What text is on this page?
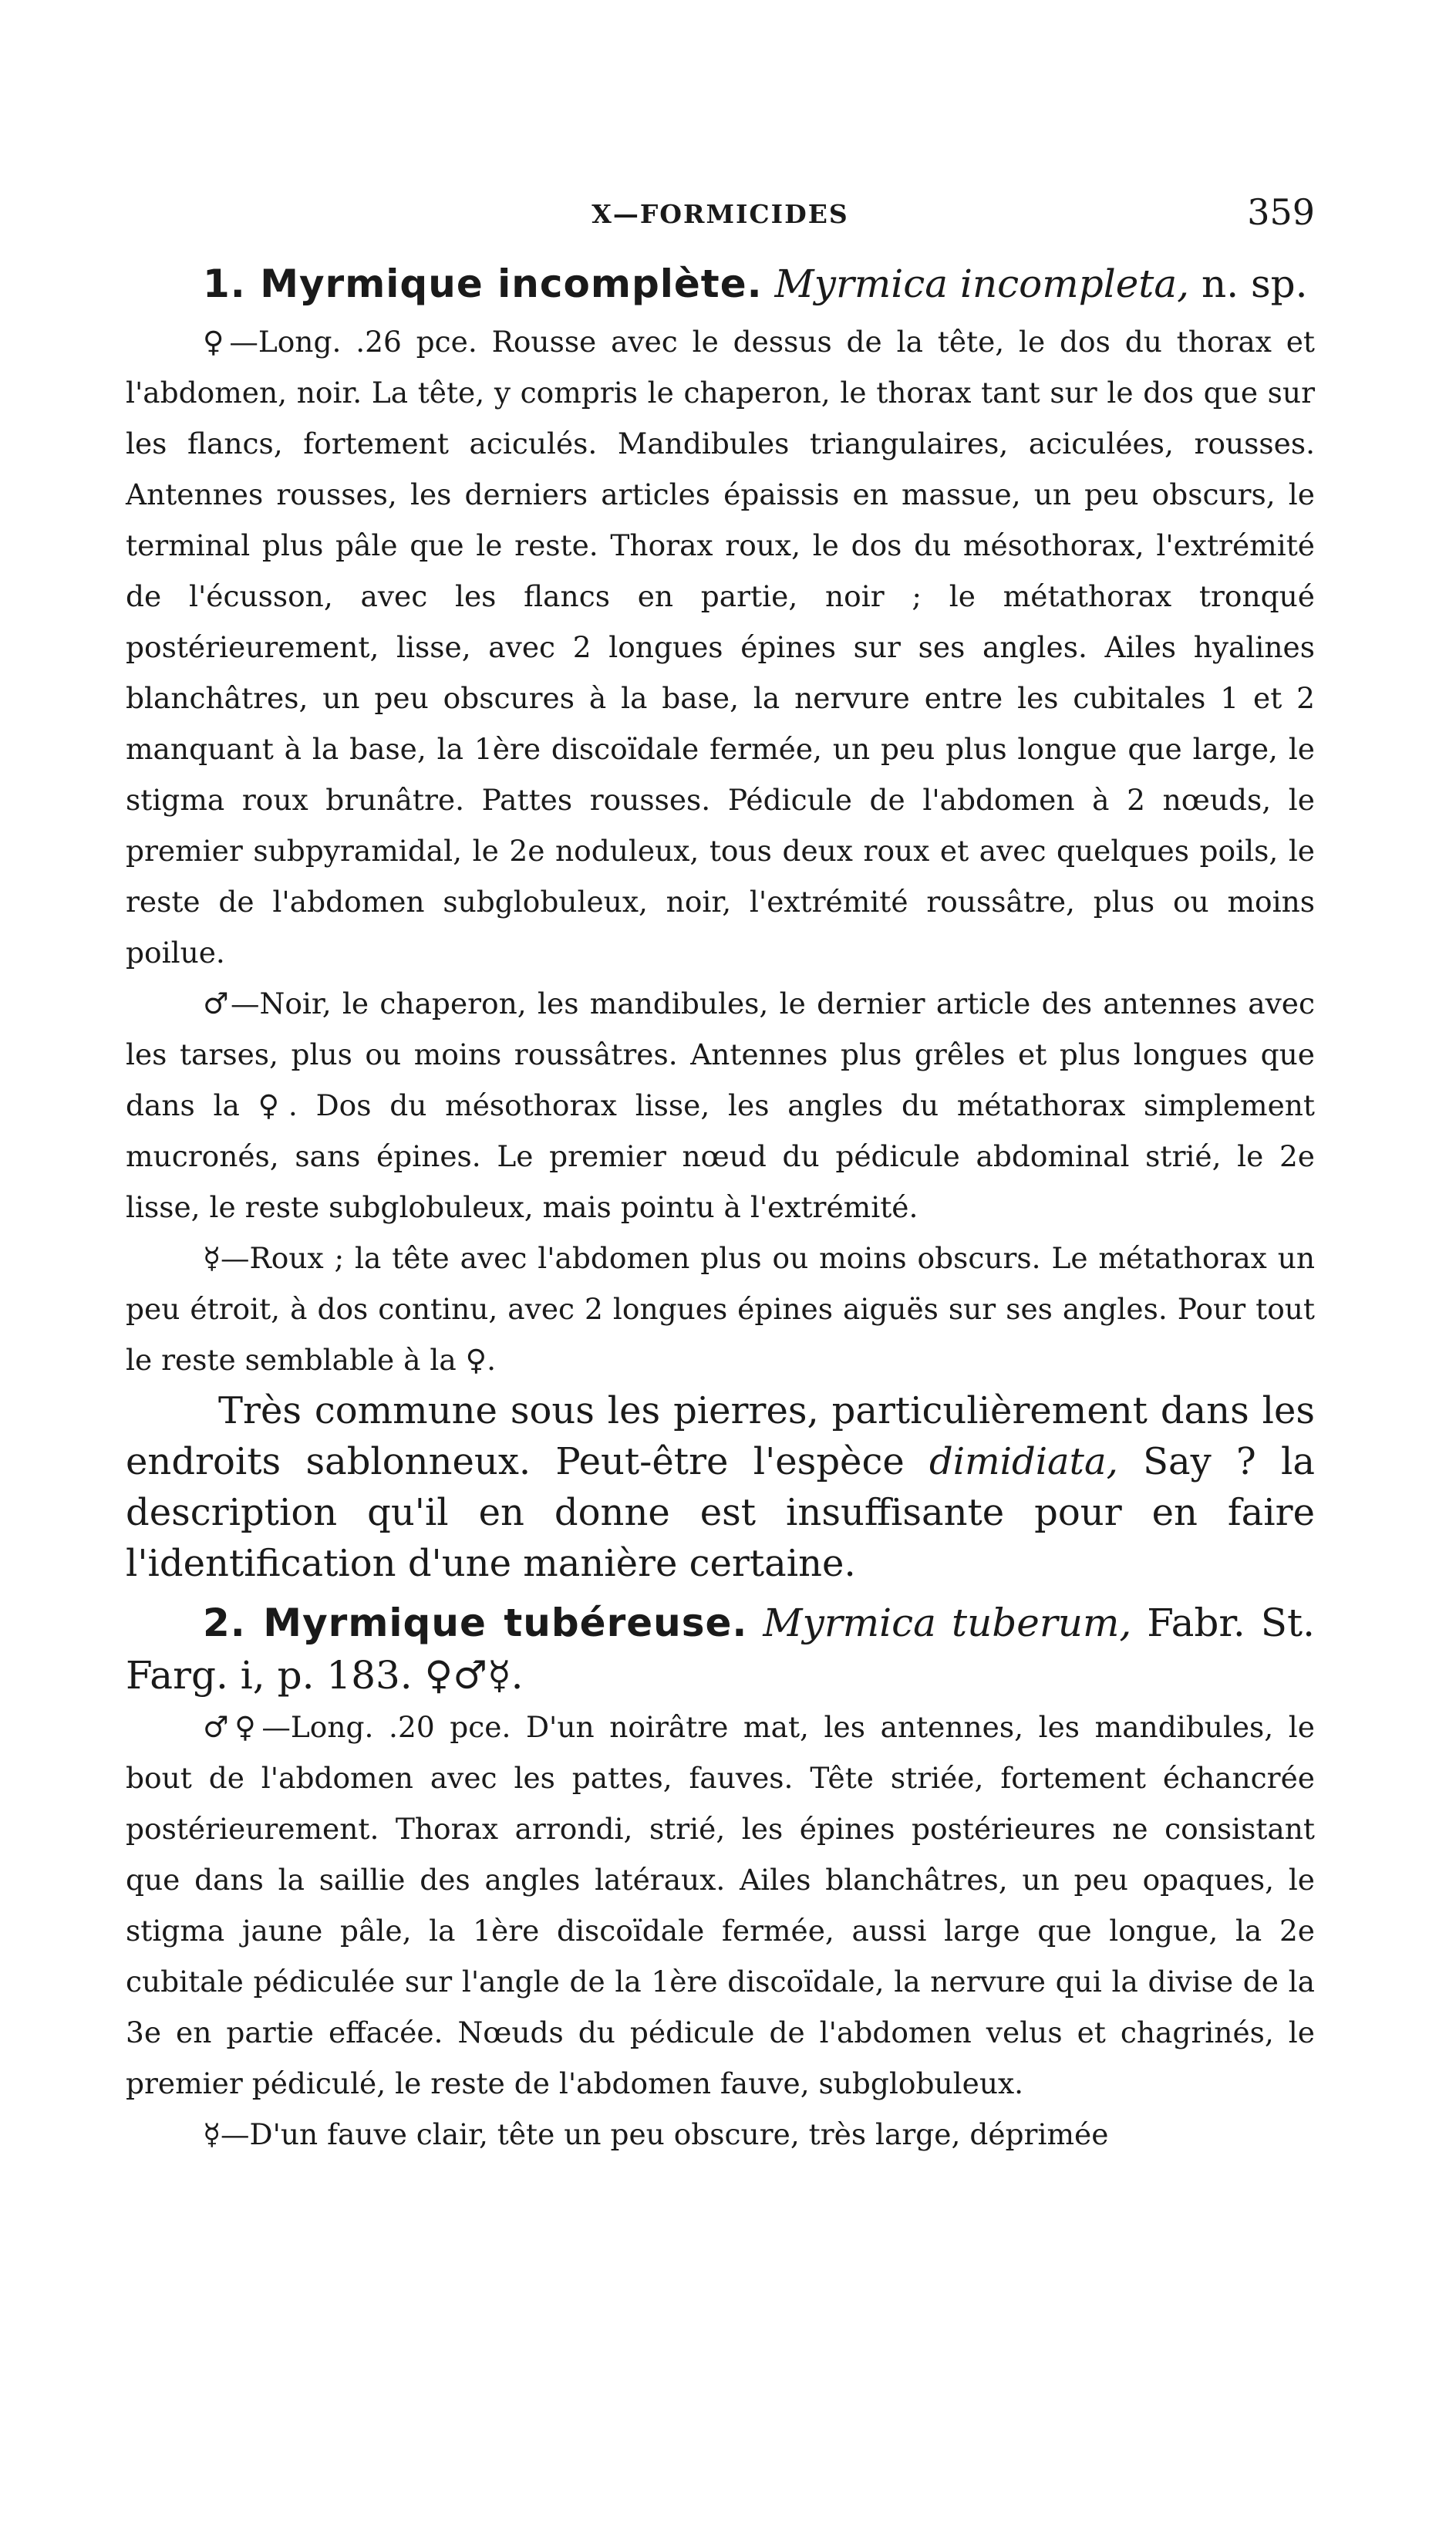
X—FORMICIDES	359

1. Myrmique incomplète. Myrmica incompleta, n. sp.

♀—Long. .26 pce. Rousse avec le dessus de la tête, le dos du thorax et l'abdomen, noir. La tête, y compris le chaperon, le thorax tant sur le dos que sur les flancs, fortement aciculés. Mandibules triangulaires, aciculées, rousses. Antennes rousses, les derniers articles épaissis en massue, un peu obscurs, le terminal plus pâle que le reste. Thorax roux, le dos du mésothorax, l'extrémité de l'écusson, avec les flancs en partie, noir ; le métathorax tronqué postérieurement, lisse, avec 2 longues épines sur ses angles. Ailes hyalines blanchâtres, un peu obscures à la base, la nervure entre les cubitales 1 et 2 manquant à la base, la 1ère discoïdale fermée, un peu plus longue que large, le stigma roux brunâtre. Pattes rousses. Pédicule de l'abdomen à 2 nœuds, le premier subpyramidal, le 2e noduleux, tous deux roux et avec quelques poils, le reste de l'abdomen subglobuleux, noir, l'extrémité roussâtre, plus ou moins poilue.

♂—Noir, le chaperon, les mandibules, le dernier article des antennes avec les tarses, plus ou moins roussâtres. Antennes plus grêles et plus longues que dans la ♀. Dos du mésothorax lisse, les angles du métathorax simplement mucronés, sans épines. Le premier nœud du pédicule abdominal strié, le 2e lisse, le reste subglobuleux, mais pointu à l'extrémité.

☿—Roux ; la tête avec l'abdomen plus ou moins obscurs. Le métathorax un peu étroit, à dos continu, avec 2 longues épines aiguës sur ses angles. Pour tout le reste semblable à la ♀.

Très commune sous les pierres, particulièrement dans les endroits sablonneux. Peut-être l'espèce dimidiata, Say ? la description qu'il en donne est insuffisante pour en faire l'identification d'une manière certaine.

2. Myrmique tubéreuse. Myrmica tuberum, Fabr. St. Farg. i, p. 183. ♀♂☿.

♂♀—Long. .20 pce. D'un noirâtre mat, les antennes, les mandibules, le bout de l'abdomen avec les pattes, fauves. Tête striée, fortement échancrée postérieurement. Thorax arrondi, strié, les épines postérieures ne consistant que dans la saillie des angles latéraux. Ailes blanchâtres, un peu opaques, le stigma jaune pâle, la 1ère discoïdale fermée, aussi large que longue, la 2e cubitale pédiculée sur l'angle de la 1ère discoïdale, la nervure qui la divise de la 3e en partie effacée. Nœuds du pédicule de l'abdomen velus et chagrinés, le premier pédiculé, le reste de l'abdomen fauve, subglobuleux.

☿—D'un fauve clair, tête un peu obscure, très large, déprimée
